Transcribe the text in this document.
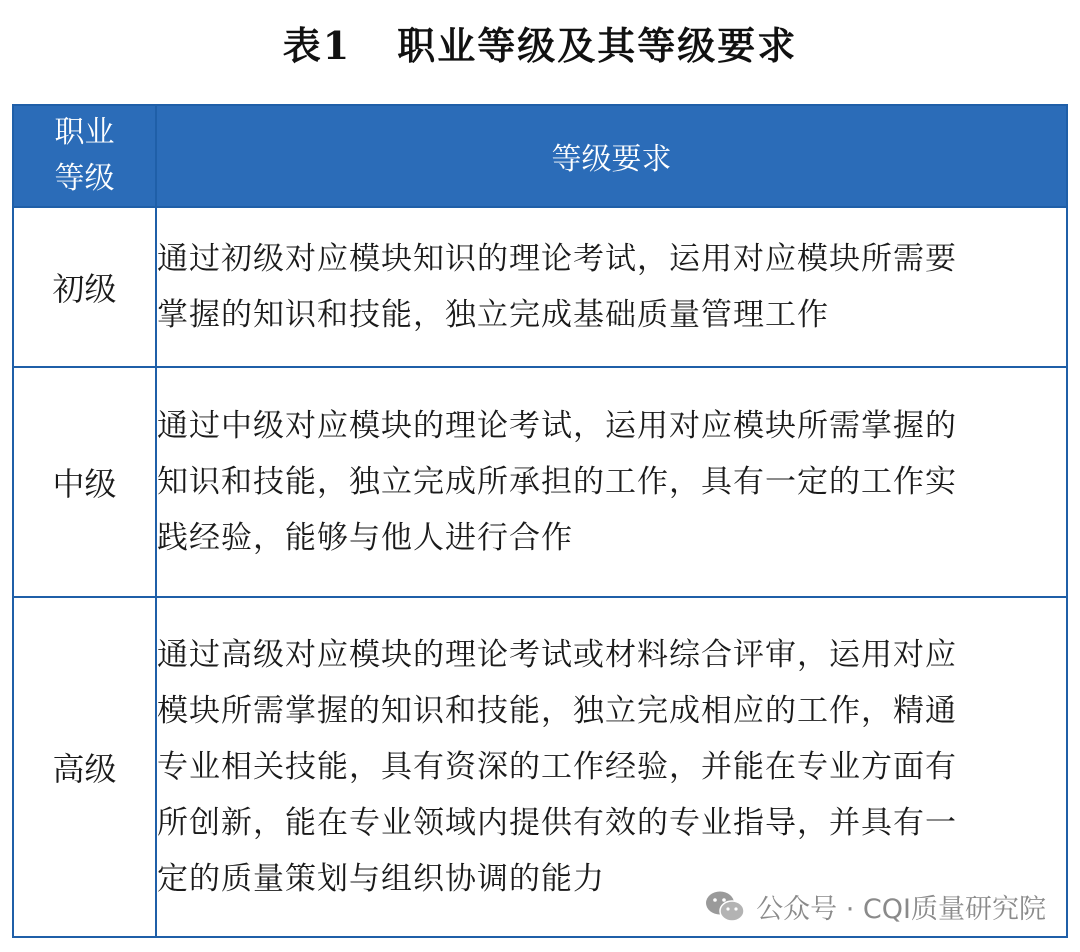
表1 职业等级及其等级要求
职业
等级	等级要求
初级	通过初级对应模块知识的理论考试，运用对应模块所需要
掌握的知识和技能，独立完成基础质量管理工作

中级	通过中级对应模块的理论考试，运用对应模块所需掌握的
知识和技能，独立完成所承担的工作，具有一定的工作实
践经验，能够与他人进行合作

高级	通过高级对应模块的理论考试或材料综合评审，运用对应
模块所需掌握的知识和技能，独立完成相应的工作，精通
专业相关技能，具有资深的工作经验，并能在专业方面有
所创新，能在专业领域内提供有效的专业指导，并具有一
定的质量策划与组织协调的能力
公众号 · CQI质量研究院
